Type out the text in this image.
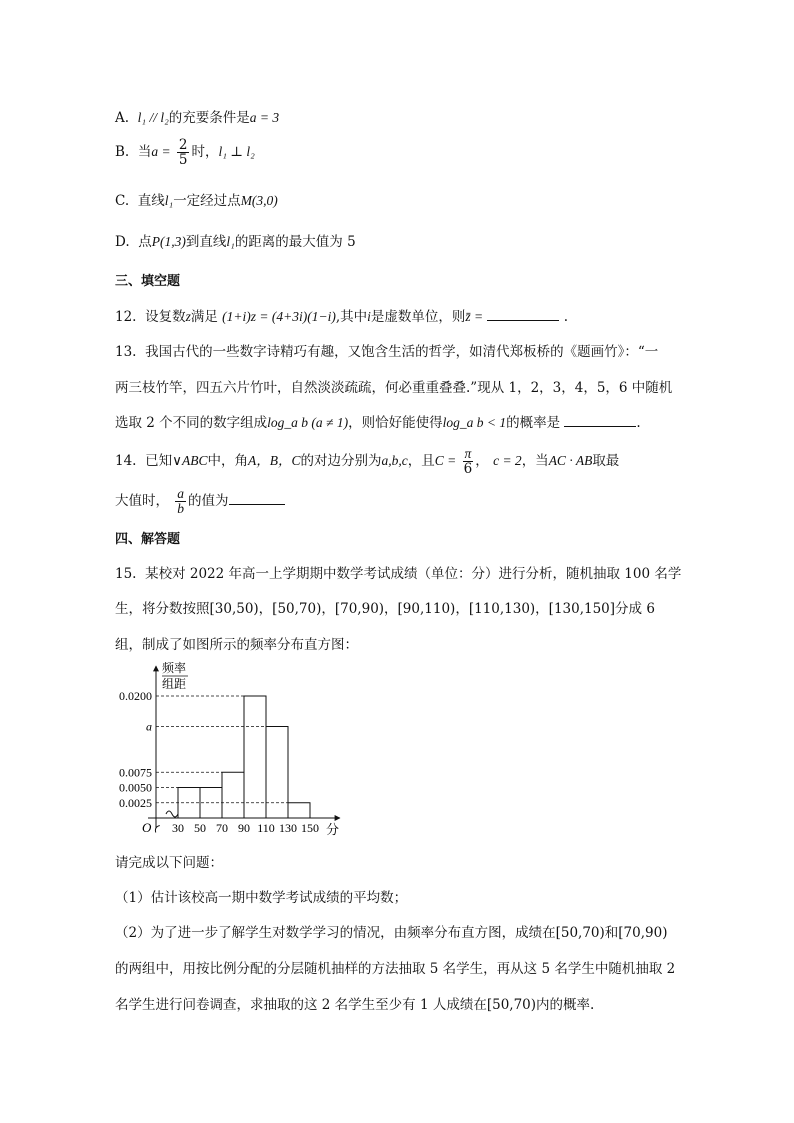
A. l₁ // l₂的充要条件是a = 3
B. 当$a = \frac{2}{5}$ 时，l₁ ⊥ l₂
C. 直线l₁一定经过点M(3,0)
D. 点P(1,3)到直线l₁的距离的最大值为 5
三、填空题
12. 设复数z满足 (1+i)z = (4+3i)(1−i),其中i是虚数单位，则z̄ =	.
13. 我国古代的一些数字诗精巧有趣，又饱含生活的哲学，如清代郑板桥的《题画竹》：“一
两三枝竹竿，四五六片竹叶，自然淡淡疏疏，何必重重叠叠.”现从 1，2，3，4，5，6 中随机
选取 2 个不同的数字组成log_a b (a ≠ 1)，则恰好能使得log_a b < 1的概率是	.
14. 已知∨ABC中，角A，B，C的对边分别为a,b,c，且$C = \frac{\pi}{6}$ ， c = 2，当AC · AB取最
大值时， $\frac{a}{b}$ 的值为
四、解答题
15. 某校对 2022 年高一上学期期中数学考试成绩（单位：分）进行分析，随机抽取 100 名学
生，将分数按照[30,50)，[50,70)，[70,90)，[90,110)，[110,130)，[130,150]分成 6
组，制成了如图所示的频率分布直方图：
O
频率
组距
分
0.0025
0.0050
0.0075
a
0.0200
30 50 70 90 110 130 150
请完成以下问题：
（1）估计该校高一期中数学考试成绩的平均数；
（2）为了进一步了解学生对数学学习的情况，由频率分布直方图，成绩在[50,70)和[70,90)
的两组中，用按比例分配的分层随机抽样的方法抽取 5 名学生，再从这 5 名学生中随机抽取 2
名学生进行问卷调查，求抽取的这 2 名学生至少有 1 人成绩在[50,70)内的概率.
